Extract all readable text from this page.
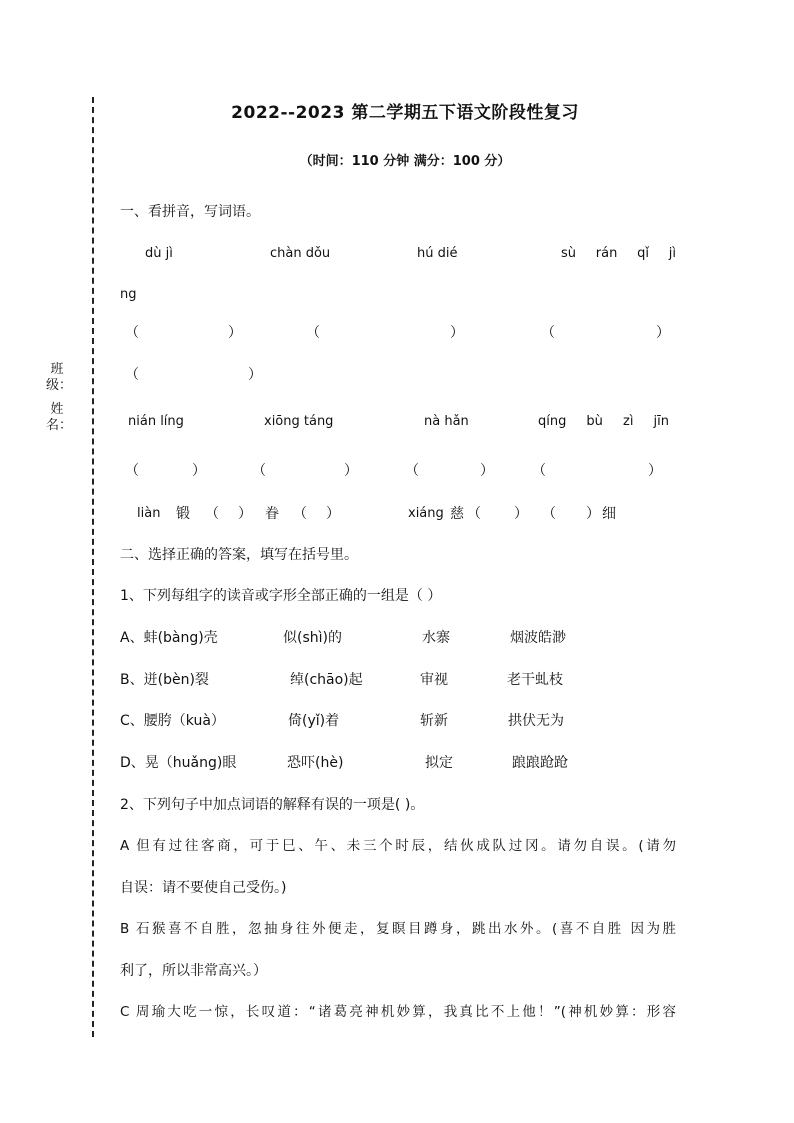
班级：
姓名：
2022--2023 第二学期五下语文阶段性复习
（时间：110 分钟 满分：100 分）
一、看拼音，写词语。
dù jì	chàn dǒu	hú dié	sù rán qǐ jì
ng
（	）	（	）	（	）
（	）
nián líng	xiōng táng	nà hǎn	qíng bù zì jīn
（	）	（	）	（	）	（	）
liàn 锻 （ ） 眷 （ ）	xiáng 慈 （ ） （ ） 细
二、选择正确的答案，填写在括号里。
1、下列每组字的读音或字形全部正确的一组是（ ）
A、蚌(bàng)壳	似(shì)的	水寨	烟波皓渺
B、迸(bèn)裂	绰(chāo)起	审视	老干虬枝
C、腰胯（kuà）	倚(yǐ)着	斩新	拱伏无为
D、晃（huǎng)眼	恐吓(hè)	拟定	踉踉跄跄
2、下列句子中加点词语的解释有误的一项是( )。
A 但有过往客商，可于巳、午、未三个时辰，结伙成队过冈。请勿自误。(请勿
自误：请不要使自己受伤。)
B 石猴喜不自胜，忽抽身往外便走，复瞑目蹲身，跳出水外。(喜不自胜 因为胜
利了，所以非常高兴。）
C 周瑜大吃一惊，长叹道：“诸葛亮神机妙算，我真比不上他！”(神机妙算：形容
